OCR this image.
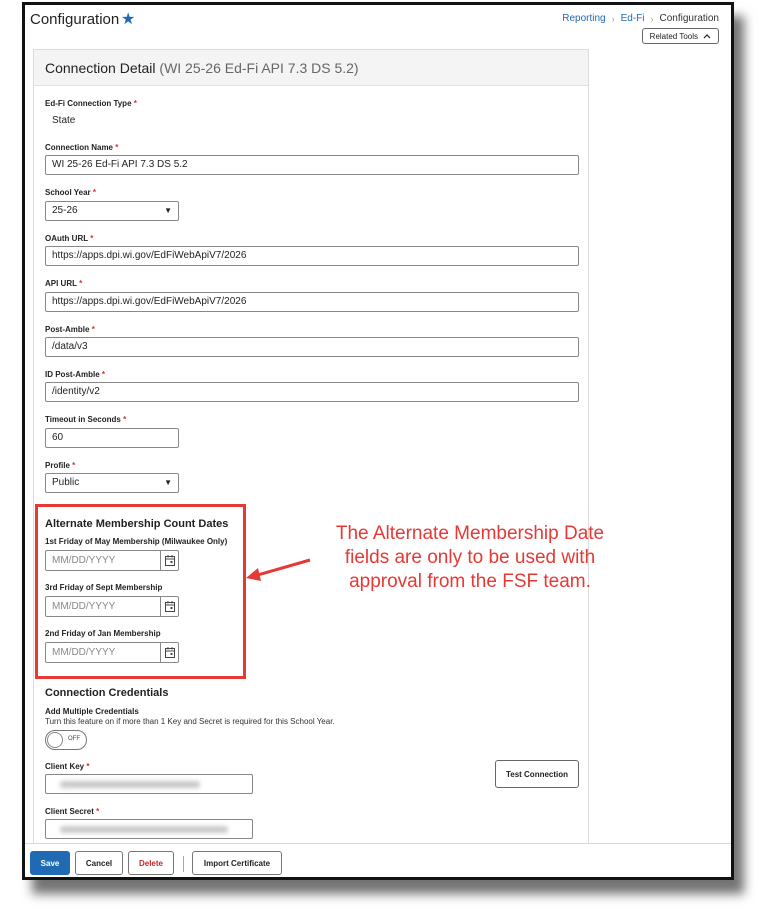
Configuration ★	Reporting › Ed-Fi › Configuration
Related Tools
Connection Detail (WI 25-26 Ed-Fi API 7.3 DS 5.2)
Ed-Fi Connection Type *
State
Connection Name *
WI 25-26 Ed-Fi API 7.3 DS 5.2
School Year *
25-26	▼
OAuth URL *
https://apps.dpi.wi.gov/EdFiWebApiV7/2026
API URL *
https://apps.dpi.wi.gov/EdFiWebApiV7/2026
Post-Amble *
/data/v3
ID Post-Amble *
/identity/v2
Timeout in Seconds *
60
Profile *
Public	▼
Alternate Membership Count Dates
1st Friday of May Membership (Milwaukee Only)
MM/DD/YYYY
3rd Friday of Sept Membership
MM/DD/YYYY
2nd Friday of Jan Membership
MM/DD/YYYY
Connection Credentials
Add Multiple Credentials
Turn this feature on if more than 1 Key and Secret is required for this School Year.
OFF
Client Key *
Test Connection
Client Secret *
Save	Cancel	Delete	Import Certificate
The Alternate Membership Date
fields are only to be used with
approval from the FSF team.
